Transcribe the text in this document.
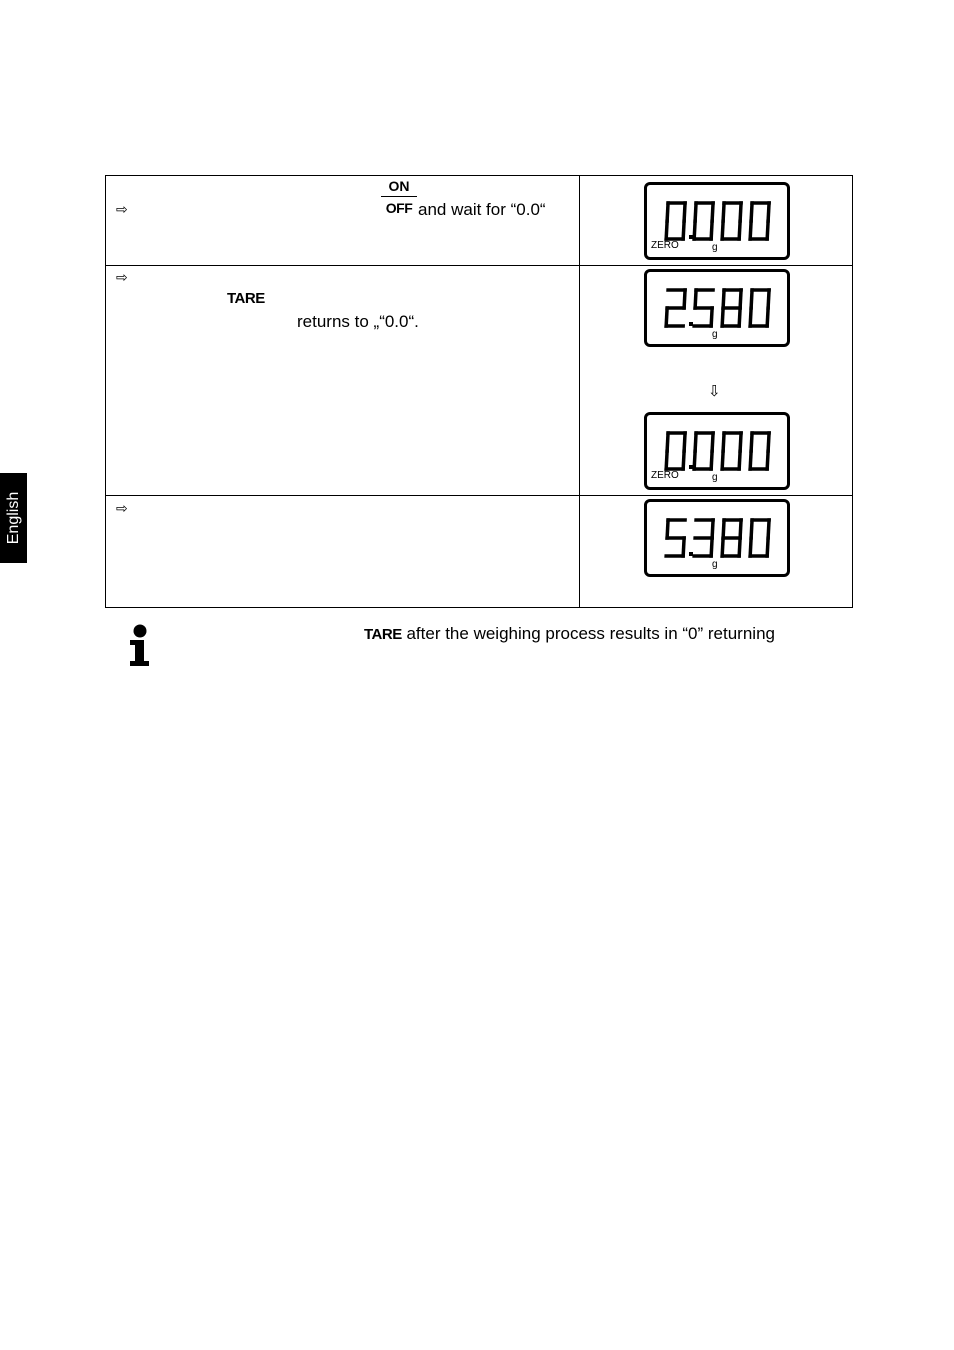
English
⇨
ON
OFF and wait for “0.0“
ZERO	g
⇨
TARE
returns to „“0.0“.
g
⇩
ZERO	g
⇨
g
TARE after the weighing process results in “0” returning
